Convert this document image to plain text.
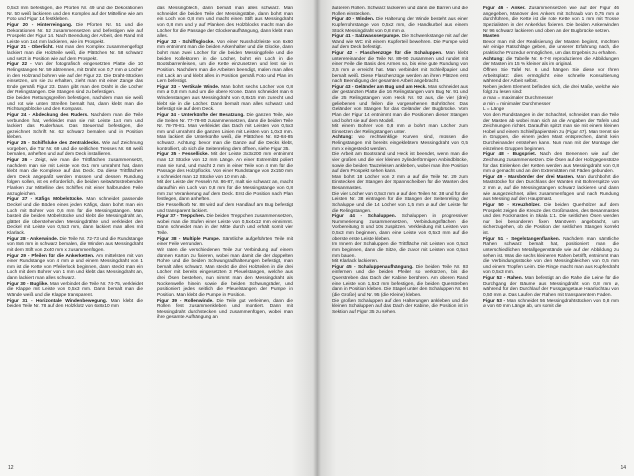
0,5x3 mm befestigen, die Pforten Nr. 49 und die Dekorationen Nr. 50 weiß lackieren und den Komplex auf der Mittelline wie am Foto und Figur 14 festkleben.

Figur 20 - Hinterreingang. Die Pforten Nr. 51 und die Dekorationen Nr. 52 zusammensetzen und befestigen wie auf Prospekt der Figur 14. Nach Beendung der Arbeit, den Rand mit Leiste von 1x4 mm lackieren, wie im Prospekt.

Figur 21 - Oberlicht. Hat man den Komplex zusammengefügt lackiert man die Holzteile weiß, die Plättchen Nr. 58 schwarz und setzt in Position wie auf dem Prospekt.

Figur 22 - Von der fotografisch eingesetzten Platte die 10 Relingstangen Nr. 59 abtrennen, mit Draht von 0,7 mm ø Löcher in den Holzrand bohren wie auf der Figur 22. Die Draht-Stücken einsetzen, um sie zu erhalten, zieht man mit einer Zange das Ende gemäß Figur 23. Dann gibt man den Draht in die Löcher der Relingstangen. Die Stangen sind zu befestigen.

Die beiden Rettungsgreifen befestigen, nachdem man sie weiß und rot wie unten Streifen bemalt hat, dann klebt man die Richtungsblöcke und den Kompass.

Figur 24 - Abdeckung des Ruders. Nachdem man die Teile verbunden hat, verkleidet man sie mit Leiste 1x4 mm und lackiert das Ruderhaus. Das Steuerrad befestigen, die gezeichnet Schrift Nr. 62 schwarz bemalen und in Position kleben.

Figur 25 - Schiffsluke des Zentraldecks. Wie auf Zeichnung vorgeben, die Tür Nr. 69 und die seitlichen Tresses Nr. 68 weiß bemalen, anheften und auf dem Deck installieren.

Figur 26 - Zeigt, wie man die Trittflächen zusammensetzt, nachdem man sie mit Leiste von 0x1 mm umrahmt hat, dann klebt man die Komplexe auf das Deck. Da diese Trittflächen dem Deck angepaßt werden müssen und dessen Rundung folgen sollen, ist es erforderlich, die beiden seitwärtsstrebenden Flanken zur Mittelline des Schiffes mit einer halbrunden Feile anzugleichen.

Figur 27 - Käfigs Möbelstücke. Man schneidet passende Deckel und die Böden eines jeden Käfigs, dann bohrt man ein Loch mit Bohrer von 0,6 mm für die Messingstangen. Man basteit die beiden Möbelstücke und klebt die Messingdraht an, glättet die überstehenden Messingdrähte und verkleidet den Deckel mit Leiste von 0,5x3 mm, dann lackiert man alles mit Klarlack.

Figur 28 - Ankerwinde. Die Teile Nr. 72-73 und die Rundstange von 8x6 mm in schwarz bemalen, die Winden aus Messingdraht mit dem Stift von 2x40 mm x zusammenfügen.

Figur 29 - Pfeilen für die Ankerketten. Am mittelsten mit von einer Rundstange von 4 mm ø und einem Messingdraht von 1 mm ist die Kette von Pfeilerlock beginnen, dann steckt man ein Loch mit dem Bohrer von 1 mm und klebt das Messingdraht an, dann lackiert man alles schwarz.

Figur 30 - Buglike. Man verbindet die Teile Nr. 74-75, verkleidet die Klappe mit Leiste von 0,5x3 mm. Dann bemalt man die Wände weiß und die Klappe transparent.

Figur 31 - Horizontale Windenbewegung. Man klebt die beiden Teile Nr. 78 auf den Holzklotz von 6x8x10 mm

das Messingblech, dann bemalt man alles schwarz. Man schneidet die beiden Teile der Messingstäbe, dann bohrt man ein Loch von 0,8 mm und macht einen Stift aus Messingdraht von 0,8 mm und y auf Planken des Holzblocks macht man die Löcher für die Passage der Glockenaufhängung, dann klebt man alles.

Figur 32 - Schiffsglocke. Von einer Nussholzleiste von 6x60 mm entnimmt man die beiden Arkenhalter und die Glocke, dann bohrt man zwei Löcher für die beiden Messingpfeile und die beiden Kollektoren in die Löcher, bohrt ein Loch in die Bootsbarrenleisen, um die Kette einzusetzen und lest sie in Position. Nachdem man die Arbeiten beendigt, malen man alles mit Lack an und klebt alles in Position gemäß Foto und Plan im Lern befestigt.

Figur 33 - Vertikale Winde. Man bohrt sechs Löcher von 0,8 mm ø 0,8 mm rund um die obere Krone. Dann schneidet man 6 Windenstangen aus Messingdraht von 0,8x15 mm zurecht und klebt sie in die Löcher. Dann bemalt man alles schwarz und befestigt sie auf dem Deck.

Figur 34 - Unterkünfte der Besatzung. Die ganzen Teile, wie die Seiten Nr. 77-78-80 zusammensetzen, dann die beiden Teile Nr. 78-79-81. Man verkleidet das Dach mit Leisten von 0,5x3 mm und umrahmt die ganzen Linien mit Leisten von 1,0x3 mm. Man lackiert die Unterkünfte weiß, die Plättchen Nr. 82-84-85 schwarz. Achtung: bevor man die Ganze auf die Decks klebt, kontrolliert, ob sich die Seitenreling dem öffnen, siehe Figur 35.

Figur 35 - Fessellicke. Mit der Leiste 3x3x200 mm entnimmt man 12 Stücke von 12 mm Länge. An einer Extremität poliert man sie rund, und macht 2 mm in einer Teile von 4 mm für die Passage des Holzpflocks. Von einer Rundstange von 2x150 mm x schneidet man 12 Stücke von 10 mm ab.

Mit der Leiste der Fesseln Nr. 86-87, malt sie schwarz an, macht daraufhin ein Loch von 0,8 mm für die Messingstange von 0,8 mm zur Verankerung auf dem Deck. Erst die Position nach Plan festlegen, dann anheften.

Die Fessellkorb Nr. 88 wird auf dem Handlauf am Bug befestigt und transparent lackiert.

Figur 37 - Treppchen. Die beiden Treppchen zusammensetzen, wobei man die Stufen einer Leiste von 0,5x4x12 mm einnimmt. Dann schneidet man in der Mitte durch und erhält somit vier Teile.

Figur 38 - Multiple Pumpe. Sämtliche aufgeführten Teile mit einer Feile verrunden.

Wir raten die verschiedenen Teile zur Verbindung auf einem dünnen Karton zu fixieren, wobei man damit die der doppelten Rohre und die beiden Schwungradhalterungen befestigt, man bemalt alles schwarz. Man steckt die drei Holzteilen in die drei Löcher mit bereits eingesetzten 3 Pleuelstangen, welche aus drei Ösen bestehen, nun nimmt man den Messingdraht als Nockenwelle hinein sowie die beiden Schwungräder, und positioniert jedes seitlich die Pleuelstangen der Pumpe in Position. Man klebt die Pumpe in Position.

Figur 39 - Rollenwinde. Die Teile gut verleimen, dann die Rollen fest zusammenkleben und montiert. Dann mit Messingdraht durchstecken und zusammenfügen, wobei man ihre gesamte Aufhängung an

12

äußeren Rollen. Schwarz lackieren und dann die Barren und die Rollen einstecken.

Figur 40 - Winden. Die Halterung der Winde besteht aus einer Kupferrohrstange von 0,5x2 mm, die Handkurbel aus einem Stück Messingdraht von 0,8 mm ø.

Figur 41 - Salzwassserpumpe. Die Schwenkstange mit auf der Wand wie WC mit einem Kupferteil bewehren. Die Pumpe wird auf dem Deck befestigt.

Figur 42 - Flaschenzüge für die Schaluppen. Man klebt unterereinander die Teile Nr. 89-90 zusammen und rundet mit einer Feile die Basis des Armes so, bis eine gute Rundung von 3,5 mm ø erreicht hat. Man verbindet mit Schleifpapier und bemalt weiß. Diese Flaschenzüge werden an ihren Plätzen erst nach Beendigung der gesamten Arbeit angebracht.

Figur 43 - Geländer am Bug und am Heck. Man schneidet aus der gestanzten Platte die 16 Relingstangen vom Bug Nr. 91 und die 25 Relingstangen vom Heck Nr. 92 aus, die vier (drei) geliebenen und feilen die vorgesehenen Bohrlöcher. Das Geländer von Stangen für das Geländer der Bugbrücke. Vom Plan der Figur 14 entnimmt man die Positionen dieser Stangen und bohrt sie auf dem Modell.

Mit einem Bohrer von 0,8 mm ø bohrt man Löcher zum Einsetzen der Relingstangen unter.

Achtung: wo rechtwinklige Kurven sind, müssen die Relingstangen mit bereits eingeklebtem Messingdraht von 0,5 mm x eingesteckt werden.

Die Arbeit am Bootsrand und Heck ist beendet, wenn man die vier großen und die vier kleinen zylinderförmigen Anbindblöcke, sowie die beiden Tauzeleisen ankleben, wobei man ihre Position auf dem Prospekt sehen kann.

Man bohrt 18 Löcher von 2 mm ø auf die Teile Nr. 29 zum Einstecken der Stangen der Spannscheiben für die Wanten des Besanmastes.

Die vier Löcher von 0,5x3 mm ø auf den Teilen Nr. 38 und für die Leisten Nr. 38 eintragen für die Stangen der Seitenreling der Schaluppe und die 14 Löcher von 1,5 mm ø auf der Leiste für die Relingstangen.

Figur 44 - Schaluppen. Schaluppen in progressiver Nummerierung zusammensetzen, Verbindungsflächen die Vorbereitung S und 10s zuspitzen. Verkleidung mit Leisten von 0,5x3 mm beginnen, dann eine Leiste von 0,5x3 mm auf die oberste erste Leiste kleben.

Im Innern der Schaluppen die Trittfläche mit Leisten von 0,5x3 mm beginnen, dann die Sitze, die zuvor mit Leisten von 0,5x4 mm bauen.

Mit Klarlack lackieren.

Figur 45 - Schaluppenaufhängung. Die beiden Teile Nr. 93 einfernen und die beiden Pfeiler so verkürzen, bis die Querstreben das Dach der Kabine berühren. Am oberen Rand eine Leiste von 1,5x3 mm befestigen, die beiden Querstreben dann in Position kleben. Die Stapel unter den Schaluppen Nr. 94 (die Große) und Nr. 95 (die Kleine) kleben.

Die großen Schaluppen auf den Halterungen ankleben und die kleinen Schaluppen auf das Dach der Kabine, die Position ist in Sektion auf Figur 35 zu sehen.

Figur 46 - Anker. Zusammensetzen wie auf der Figur 46 angegeben, Manöver des Ankers mit Schraub von 0,75 mm ø durchführen, die Kette ist die rote Kette von 1 mm mit Trosse Spezialisten in der Ankerklus fixieren. Die beiden Ankerwinden Nr 96 schwarz lackieren und oben an der Bugbrücke setzen.

Masten

Bevor man mit der Realisierung der Masten beginnt, möchten wir einige Ratschläge geben, die unserer Erfahrung nach, die praktische Prozedur ermöglichen, um das Ergebnis zu erhalten.

Achtung: die Tabelle Nr. 6-7-8 reproduzieren die Abbildungen der Masten im 15 % kleiner als im original.

Öffnen Sie Tafel Nr. 6 und hängen Sie diese vor Ihren Arbeitsplatz: dies ermöglicht eine schnelle Konsultierung während der Arbeit selbst.

Neben jedem Element befinden sich, die drei Maße, welche wie folgt zu lesen sind:

ø max = maximaler Durchmesser

ø min = minimaler Durchmesser

L = Länge

Von den Rundstangen in der Schachtel, schneidet man die Teile der Masten ab wobei man sich an die Angaben der Tafeln und Zeichnungen richtet. Daraufhin spitzt man sie mit einem kleinen Hobel und einem Schleifpapierstein zu (Figur 47). Man trennt sie in Gruppen, die einem jeden Mast entsprechen, damit kein Durcheinander entstehen kann. Nun man mit der Montage der einzelnen Gruppen beginnen.

Figur 48 - Bugspriet. Nach den Benennen wie auf der Zeichnung zusammensetzen. Die Ösen auf der Holzgegenstütze für das Einlenken der Ketten werden aus Messingdraht von 0,8 mm ø gemacht und an den Extremitäten mit Fäden gebunden.

Figur 49 - Marsbörder der drei Masten. Man durchbohrt die Maststöcke für den Durchlass der Wanten mit Bohrerspitze von 2 mm ø, auf die Messingstangen schwarz lackieren und dann wie ausgezeichnet, alles zusammenfügen und nach Rundung aus Messing auf den Hauptmast.

Figur 50 - Kreuzhölzer. Die beiden Querhölzer auf dem Prospekt zeigen die Kreuze des Großmastes, des Besanmastes und des Fockmastes in Skala 1:1. Die seitlichen Ösen werden nur bei besonderen fixen Manövern angebracht, um sicherzugehen, ob die Position der seitlichen Stangen korrekt ist.

Figur 51 - Segelstangenflanken. Nachdem man sämtliche Rahen schwarz bemalt hat, positioniert man die unterschiedlichen Metallgegenstände wie auf der Abbildung zu sehen ist. Was die sechs kleineren Rahen betrifft, entnimmt man die Verbindungsstücke von den Messingbleichen von 0,5 mm und einem Tropfen Leim. Die Ringe macht man aus Kupferdraht von 0,5x3 mm.

Figur 52 - Rahen. Man befestigt an die Rahe die Leine für die Durchgang der Bäume aus Messingdraht von 0,8 mm ø, während für den Durchlauf der Fussgangetaue Haarlochtau von 0,50 mm ø. Das Laufen der Rahen mit transparentem Faden.

Figur 53 - Man schneidet 56 Messingdrahtstücken von 0,8 mm ø von 60 mm Länge ab, um somit die

14
